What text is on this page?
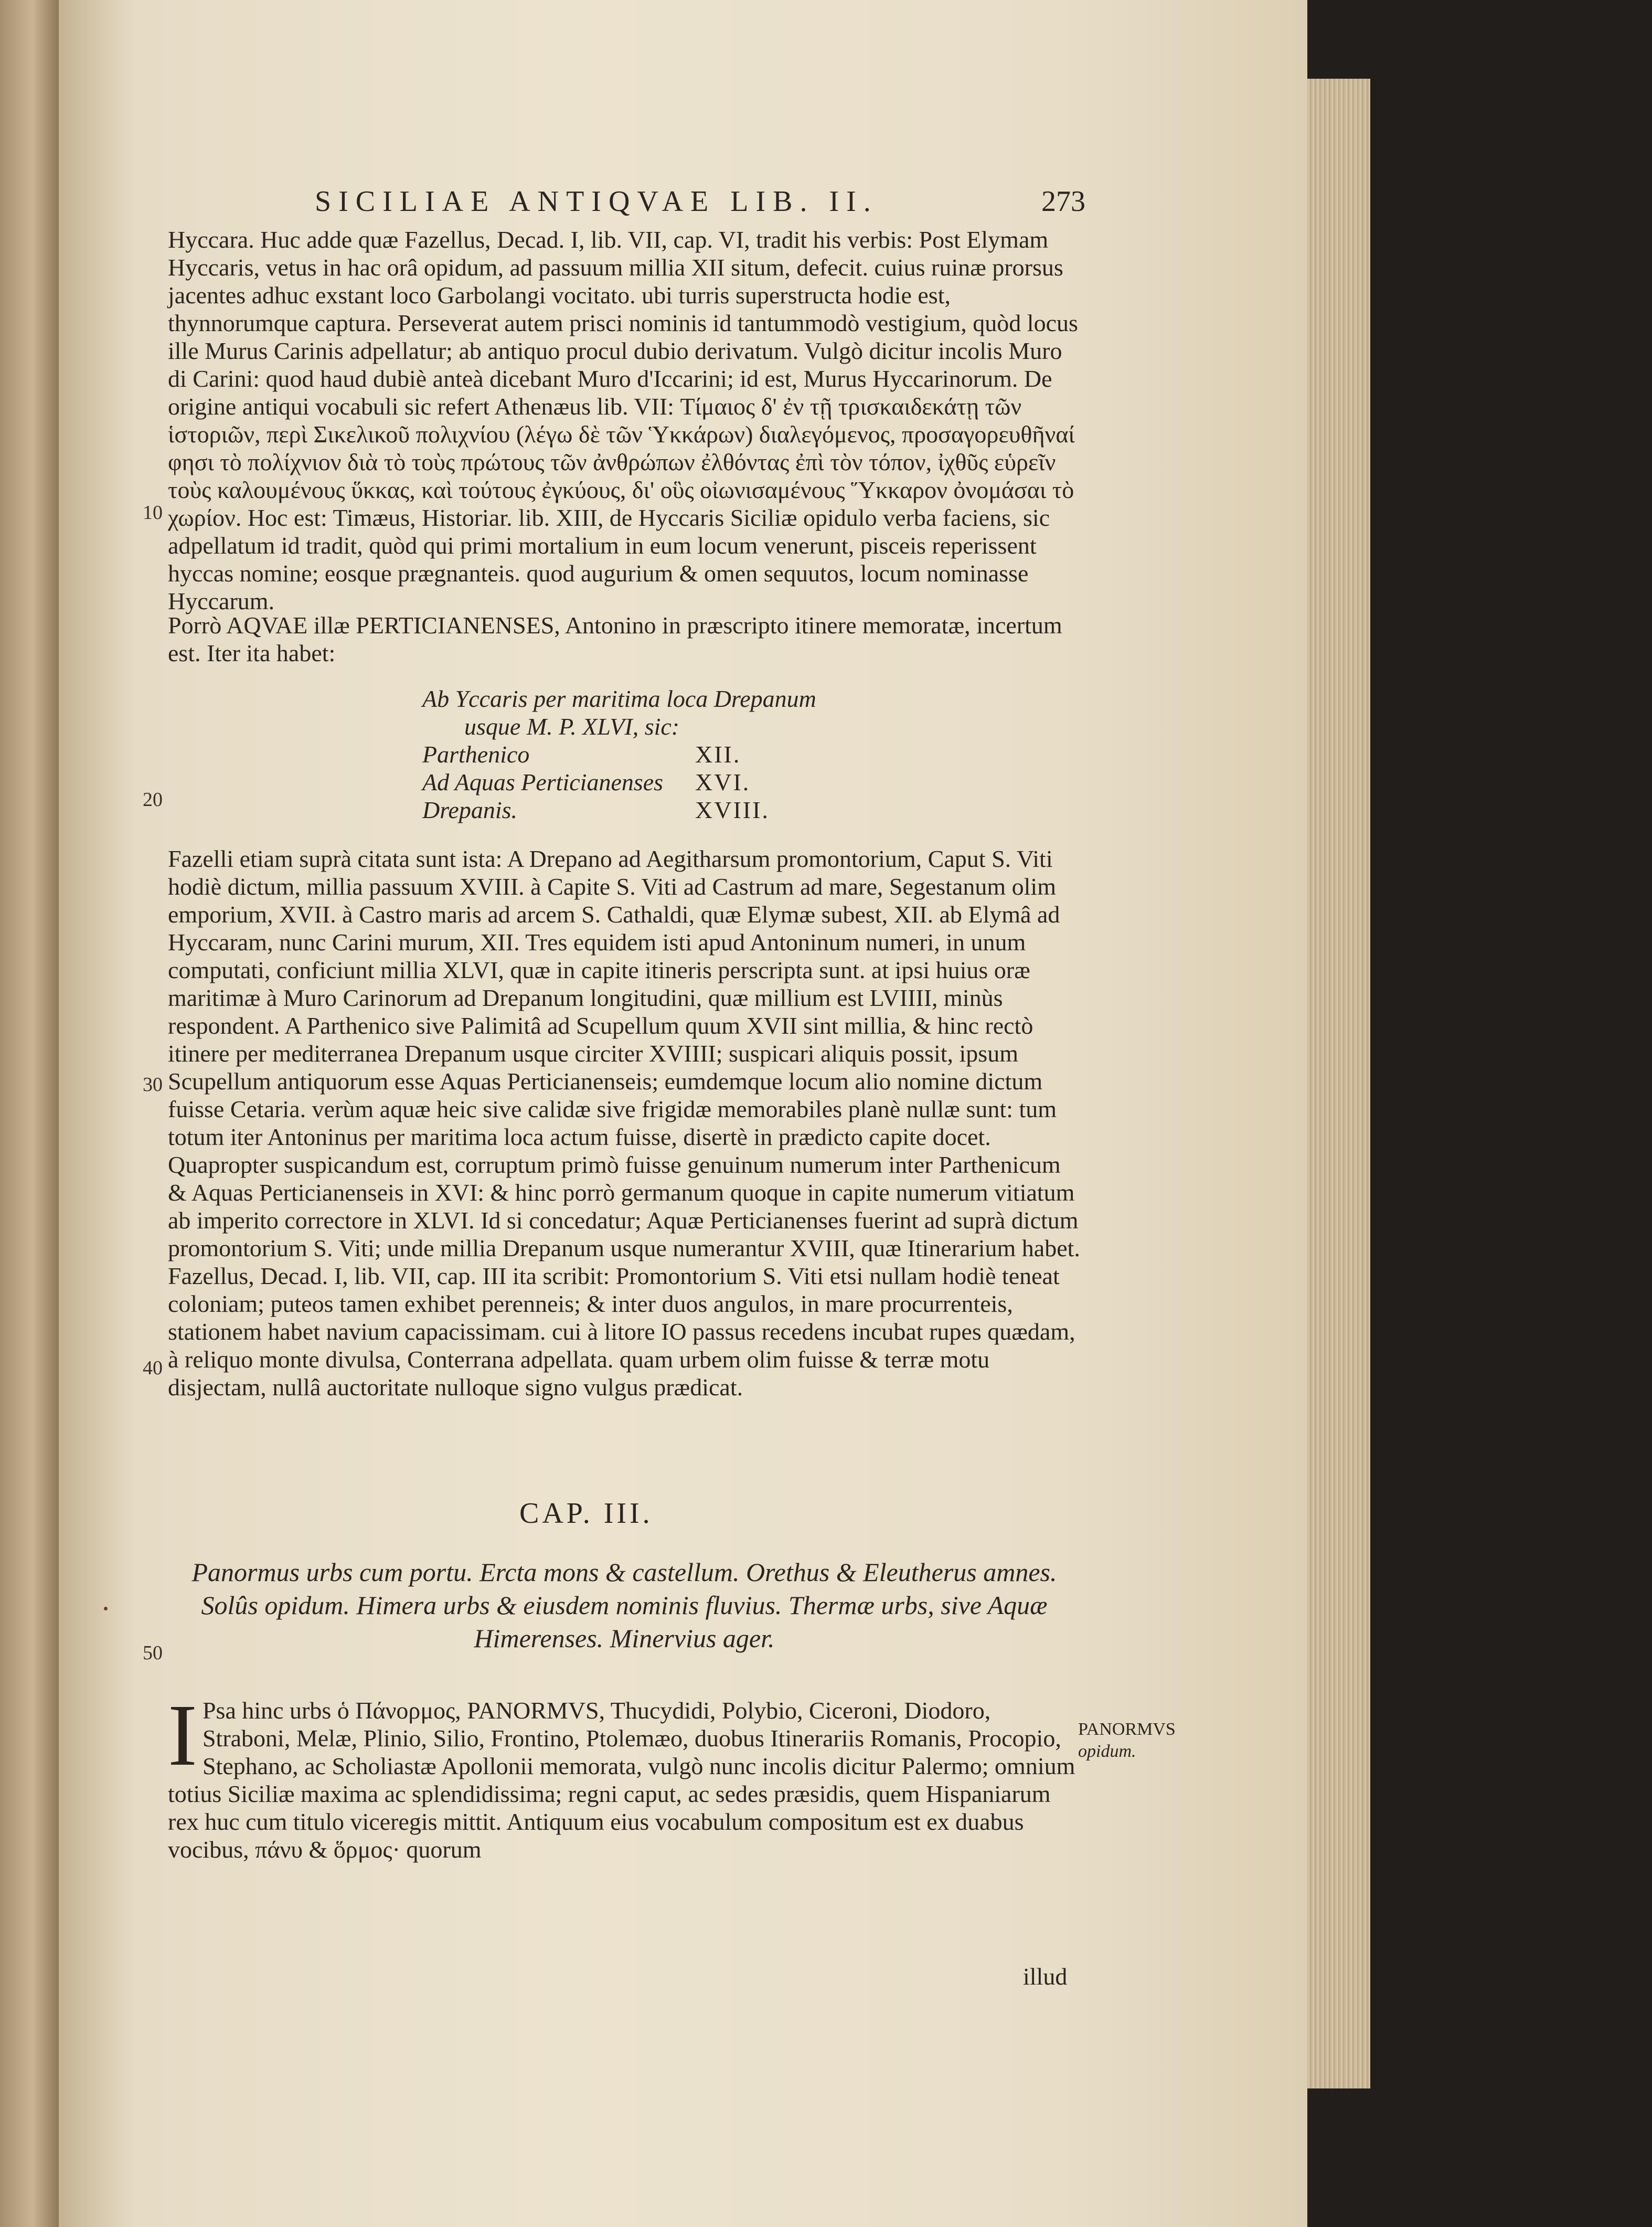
SICILIAE ANTIQVAE LIB. II.	273
Hyccara. Huc adde quæ Fazellus, Decad. I, lib. VII, cap. VI, tradit his verbis: Post Elymam Hyccaris, vetus in hac orâ opidum, ad passuum millia XII situm, defecit. cuius ruinæ prorsus jacentes adhuc exstant loco Garbolangi vocitato. ubi turris superstructa hodie est, thynnorumque captura. Perseverat autem prisci nominis id tantummodò vestigium, quòd locus ille Murus Carinis adpellatur; ab antiquo procul dubio derivatum. Vulgò dicitur incolis Muro di Carini: quod haud dubiè anteà dicebant Muro d'Iccarini; id est, Murus Hyccarinorum. De origine antiqui vocabuli sic refert Athenæus lib. VII: Τίμαιος δ' ἐν τῇ τρισκαιδεκάτῃ τῶν ἱστοριῶν, περὶ Σικελικοῦ πολιχνίου (λέγω δὲ τῶν Ὑκκάρων) διαλεγόμενος, προσαγορευθῆναί φησι τὸ πολίχνιον διὰ τὸ τοὺς πρώτους τῶν ἀνθρώπων ἐλθόντας ἐπὶ τὸν τόπον, ἰχθῦς εὑρεῖν τοὺς καλουμένους ὕκκας, καὶ τούτους ἐγκύους, δι' οὓς οἰωνισαμένους Ὕκκαρον ὀνομάσαι τὸ χωρίον. Hoc est: Timæus, Historiar. lib. XIII, de Hyccaris Siciliæ opidulo verba faciens, sic adpellatum id tradit, quòd qui primi mortalium in eum locum venerunt, pisceis reperissent hyccas nomine; eosque prægnanteis. quod augurium & omen sequutos, locum nominasse Hyccarum.
10
20
30
40
50
Porrò AQVAE illæ PERTICIANENSES, Antonino in præscripto itinere memoratæ, incertum est. Iter ita habet:
Ab Yccaris per maritima loca Drepanum
usque M. P. XLVI, sic:
Parthenico	XII.
Ad Aquas Perticianenses	XVI.
Drepanis.	XVIII.
Fazelli etiam suprà citata sunt ista: A Drepano ad Aegitharsum promontorium, Caput S. Viti hodiè dictum, millia passuum XVIII. à Capite S. Viti ad Castrum ad mare, Segestanum olim emporium, XVII. à Castro maris ad arcem S. Cathaldi, quæ Elymæ subest, XII. ab Elymâ ad Hyccaram, nunc Carini murum, XII. Tres equidem isti apud Antoninum numeri, in unum computati, conficiunt millia XLVI, quæ in capite itineris perscripta sunt. at ipsi huius oræ maritimæ à Muro Carinorum ad Drepanum longitudini, quæ millium est LVIIII, minùs respondent. A Parthenico sive Palimitâ ad Scupellum quum XVII sint millia, & hinc rectò itinere per mediterranea Drepanum usque circiter XVIIII; suspicari aliquis possit, ipsum Scupellum antiquorum esse Aquas Perticianenseis; eumdemque locum alio nomine dictum fuisse Cetaria. verùm aquæ heic sive calidæ sive frigidæ memorabiles planè nullæ sunt: tum totum iter Antoninus per maritima loca actum fuisse, disertè in prædicto capite docet. Quapropter suspicandum est, corruptum primò fuisse genuinum numerum inter Parthenicum & Aquas Perticianenseis in XVI: & hinc porrò germanum quoque in capite numerum vitiatum ab imperito correctore in XLVI. Id si concedatur; Aquæ Perticianenses fuerint ad suprà dictum promontorium S. Viti; unde millia Drepanum usque numerantur XVIII, quæ Itinerarium habet. Fazellus, Decad. I, lib. VII, cap. III ita scribit: Promontorium S. Viti etsi nullam hodiè teneat coloniam; puteos tamen exhibet perenneis; & inter duos angulos, in mare procurrenteis, stationem habet navium capacissimam. cui à litore IO passus recedens incubat rupes quædam, à reliquo monte divulsa, Conterrana adpellata. quam urbem olim fuisse & terræ motu disjectam, nullâ auctoritate nulloque signo vulgus prædicat.
CAP. III.
Panormus urbs cum portu. Ercta mons & castellum. Orethus & Eleutherus amnes. Solûs opidum. Himera urbs & eiusdem nominis fluvius. Thermæ urbs, sive Aquæ Himerenses. Minervius ager.
I Psa hinc urbs ὁ Πάνορμος, PANORMVS, Thucydidi, Polybio, Ciceroni, Diodoro, Straboni, Melæ, Plinio, Silio, Frontino, Ptolemæo, duobus Itinerariis Romanis, Procopio, Stephano, ac Scholiastæ Apollonii memorata, vulgò nunc incolis dicitur Palermo; omnium totius Siciliæ maxima ac splendidissima; regni caput, ac sedes præsidis, quem Hispaniarum rex huc cum titulo viceregis mittit. Antiquum eius vocabulum compositum est ex duabus vocibus, πάνυ & ὅρμος· quorum
PANORMVS
opidum.
illud
